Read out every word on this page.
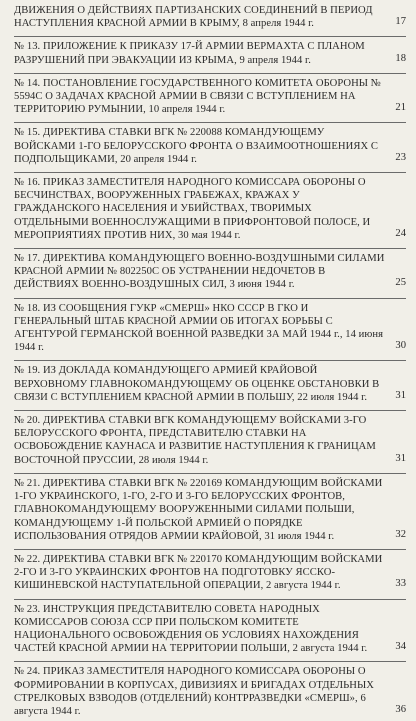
ДВИЖЕНИЯ О ДЕЙСТВИЯХ ПАРТИЗАНСКИХ СОЕДИНЕНИЙ В ПЕРИОД НАСТУПЛЕНИЯ КРАСНОЙ АРМИИ В КРЫМУ, 8 апреля 1944 г.	17
№ 13. ПРИЛОЖЕНИЕ К ПРИКАЗУ 17-Й АРМИИ ВЕРМАХТА С ПЛАНОМ РАЗРУШЕНИЙ ПРИ ЭВАКУАЦИИ ИЗ КРЫМА, 9 апреля 1944 г.	18
№ 14. ПОСТАНОВЛЕНИЕ ГОСУДАРСТВЕННОГО КОМИТЕТА ОБОРОНЫ № 5594С О ЗАДАЧАХ КРАСНОЙ АРМИИ В СВЯЗИ С ВСТУПЛЕНИЕМ НА ТЕРРИТОРИЮ РУМЫНИИ, 10 апреля 1944 г.	21
№ 15. ДИРЕКТИВА СТАВКИ ВГК № 220088 КОМАНДУЮЩЕМУ ВОЙСКАМИ 1-ГО БЕЛОРУССКОГО ФРОНТА О ВЗАИМООТНОШЕНИЯХ С ПОДПОЛЬЩИКАМИ, 20 апреля 1944 г.	23
№ 16. ПРИКАЗ ЗАМЕСТИТЕЛЯ НАРОДНОГО КОМИССАРА ОБОРОНЫ О БЕСЧИНСТВАХ, ВООРУЖЕННЫХ ГРАБЕЖАХ, КРАЖАХ У ГРАЖДАНСКОГО НАСЕЛЕНИЯ И УБИЙСТВАХ, ТВОРИМЫХ ОТДЕЛЬНЫМИ ВОЕННОСЛУЖАЩИМИ В ПРИФРОНТОВОЙ ПОЛОСЕ, И МЕРОПРИЯТИЯХ ПРОТИВ НИХ, 30 мая 1944 г.	24
№ 17. ДИРЕКТИВА КОМАНДУЮЩЕГО ВОЕННО-ВОЗДУШНЫМИ СИЛАМИ КРАСНОЙ АРМИИ № 802250С ОБ УСТРАНЕНИИ НЕДОЧЕТОВ В ДЕЙСТВИЯХ ВОЕННО-ВОЗДУШНЫХ СИЛ, 3 июня 1944 г.	25
№ 18. ИЗ СООБЩЕНИЯ ГУКР «СМЕРШ» НКО СССР В ГКО И ГЕНЕРАЛЬНЫЙ ШТАБ КРАСНОЙ АРМИИ ОБ ИТОГАХ БОРЬБЫ С АГЕНТУРОЙ ГЕРМАНСКОЙ ВОЕННОЙ РАЗВЕДКИ ЗА МАЙ 1944 г., 14 июня 1944 г.	30
№ 19. ИЗ ДОКЛАДА КОМАНДУЮЩЕГО АРМИЕЙ КРАЙОВОЙ ВЕРХОВНОМУ ГЛАВНОКОМАНДУЮЩЕМУ ОБ ОЦЕНКЕ ОБСТАНОВКИ В СВЯЗИ С ВСТУПЛЕНИЕМ КРАСНОЙ АРМИИ В ПОЛЬШУ, 22 июля 1944 г.	31
№ 20. ДИРЕКТИВА СТАВКИ ВГК КОМАНДУЮЩЕМУ ВОЙСКАМИ 3-ГО БЕЛОРУССКОГО ФРОНТА, ПРЕДСТАВИТЕЛЮ СТАВКИ НА ОСВОБОЖДЕНИЕ КАУНАСА И РАЗВИТИЕ НАСТУПЛЕНИЯ К ГРАНИЦАМ ВОСТОЧНОЙ ПРУССИИ, 28 июля 1944 г.	31
№ 21. ДИРЕКТИВА СТАВКИ ВГК № 220169 КОМАНДУЮЩИМ ВОЙСКАМИ 1-ГО УКРАИНСКОГО, 1-ГО, 2-ГО И 3-ГО БЕЛОРУССКИХ ФРОНТОВ, ГЛАВНОКОМАНДУЮЩЕМУ ВООРУЖЕННЫМИ СИЛАМИ ПОЛЬШИ, КОМАНДУЮЩЕМУ 1-Й ПОЛЬСКОЙ АРМИЕЙ О ПОРЯДКЕ ИСПОЛЬЗОВАНИЯ ОТРЯДОВ АРМИИ КРАЙОВОЙ, 31 июля 1944 г.	32
№ 22. ДИРЕКТИВА СТАВКИ ВГК № 220170 КОМАНДУЮЩИМ ВОЙСКАМИ 2-ГО И 3-ГО УКРАИНСКИХ ФРОНТОВ НА ПОДГОТОВКУ ЯССКО-КИШИНЕВСКОЙ НАСТУПАТЕЛЬНОЙ ОПЕРАЦИИ, 2 августа 1944 г.	33
№ 23. ИНСТРУКЦИЯ ПРЕДСТАВИТЕЛЮ СОВЕТА НАРОДНЫХ КОМИССАРОВ СОЮЗА ССР ПРИ ПОЛЬСКОМ КОМИТЕТЕ НАЦИОНАЛЬНОГО ОСВОБОЖДЕНИЯ ОБ УСЛОВИЯХ НАХОЖДЕНИЯ ЧАСТЕЙ КРАСНОЙ АРМИИ НА ТЕРРИТОРИИ ПОЛЬШИ, 2 августа 1944 г.	34
№ 24. ПРИКАЗ ЗАМЕСТИТЕЛЯ НАРОДНОГО КОМИССАРА ОБОРОНЫ О ФОРМИРОВАНИИ В КОРПУСАХ, ДИВИЗИЯХ И БРИГАДАХ ОТДЕЛЬНЫХ СТРЕЛКОВЫХ ВЗВОДОВ (ОТДЕЛЕНИЙ) КОНТРРАЗВЕДКИ «СМЕРШ», 6 августа 1944 г.	36
